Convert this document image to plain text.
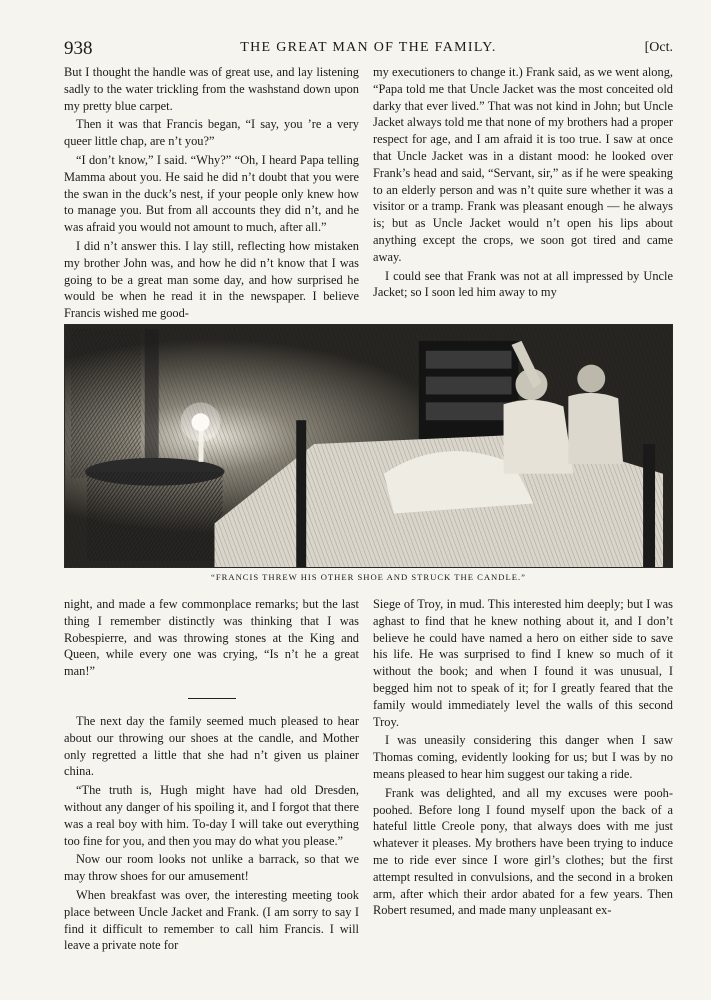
938	THE GREAT MAN OF THE FAMILY.	[Oct.

But I thought the handle was of great use, and lay listening sadly to the water trickling from the washstand down upon my pretty blue carpet.

Then it was that Francis began, “I say, you ’re a very queer little chap, are n’t you?”

“I don’t know,” I said. “Why?” “Oh, I heard Papa telling Mamma about you. He said he did n’t doubt that you were the swan in the duck’s nest, if your people only knew how to manage you. But from all accounts they did n’t, and he was afraid you would not amount to much, after all.”

I did n’t answer this. I lay still, reflecting how mistaken my brother John was, and how he did n’t know that I was going to be a great man some day, and how surprised he would be when he read it in the newspaper. I believe Francis wished me good-

my executioners to change it.) Frank said, as we went along, “Papa told me that Uncle Jacket was the most conceited old darky that ever lived.” That was not kind in John; but Uncle Jacket always told me that none of my brothers had a proper respect for age, and I am afraid it is too true. I saw at once that Uncle Jacket was in a distant mood: he looked over Frank’s head and said, “Servant, sir,” as if he were speaking to an elderly person and was n’t quite sure whether it was a visitor or a tramp. Frank was pleasant enough — he always is; but as Uncle Jacket would n’t open his lips about anything except the crops, we soon got tired and came away.

I could see that Frank was not at all impressed by Uncle Jacket; so I soon led him away to my

“FRANCIS THREW HIS OTHER SHOE AND STRUCK THE CANDLE.”

night, and made a few commonplace remarks; but the last thing I remember distinctly was thinking that I was Robespierre, and was throwing stones at the King and Queen, while every one was crying, “Is n’t he a great man!”

The next day the family seemed much pleased to hear about our throwing our shoes at the candle, and Mother only regretted a little that she had n’t given us plainer china.

“The truth is, Hugh might have had old Dresden, without any danger of his spoiling it, and I forgot that there was a real boy with him. To-day I will take out everything too fine for you, and then you may do what you please.”

Now our room looks not unlike a barrack, so that we may throw shoes for our amusement!

When breakfast was over, the interesting meeting took place between Uncle Jacket and Frank. (I am sorry to say I find it difficult to remember to call him Francis. I will leave a private note for

Siege of Troy, in mud. This interested him deeply; but I was aghast to find that he knew nothing about it, and I don’t believe he could have named a hero on either side to save his life. He was surprised to find I knew so much of it without the book; and when I found it was unusual, I begged him not to speak of it; for I greatly feared that the family would immediately level the walls of this second Troy.

I was uneasily considering this danger when I saw Thomas coming, evidently looking for us; but I was by no means pleased to hear him suggest our taking a ride.

Frank was delighted, and all my excuses were pooh-poohed. Before long I found myself upon the back of a hateful little Creole pony, that always does with me just whatever it pleases. My brothers have been trying to induce me to ride ever since I wore girl’s clothes; but the first attempt resulted in convulsions, and the second in a broken arm, after which their ardor abated for a few years. Then Robert resumed, and made many unpleasant ex-
